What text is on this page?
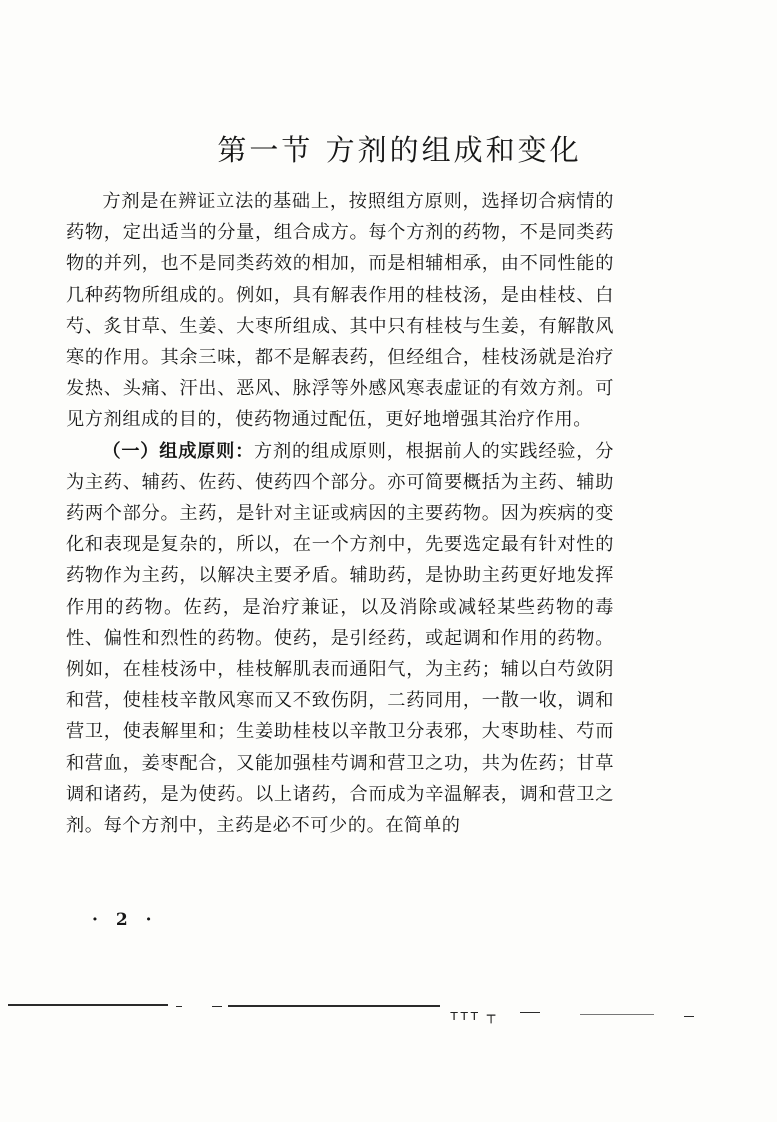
第一节 方剂的组成和变化

方剂是在辨证立法的基础上，按照组方原则，选择切合病情的药物，定出适当的分量，组合成方。每个方剂的药物，不是同类药物的并列，也不是同类药效的相加，而是相辅相承，由不同性能的几种药物所组成的。例如，具有解表作用的桂枝汤，是由桂枝、白芍、炙甘草、生姜、大枣所组成、其中只有桂枝与生姜，有解散风寒的作用。其余三味，都不是解表药，但经组合，桂枝汤就是治疗发热、头痛、汗出、恶风、脉浮等外感风寒表虚证的有效方剂。可见方剂组成的目的，使药物通过配伍，更好地增强其治疗作用。

（一）组成原则：方剂的组成原则，根据前人的实践经验，分为主药、辅药、佐药、使药四个部分。亦可简要概括为主药、辅助药两个部分。主药，是针对主证或病因的主要药物。因为疾病的变化和表现是复杂的，所以，在一个方剂中，先要选定最有针对性的药物作为主药，以解决主要矛盾。辅助药，是协助主药更好地发挥作用的药物。佐药，是治疗兼证，以及消除或减轻某些药物的毒性、偏性和烈性的药物。使药，是引经药，或起调和作用的药物。例如，在桂枝汤中，桂枝解肌表而通阳气，为主药；辅以白芍敛阴和营，使桂枝辛散风寒而又不致伤阴，二药同用，一散一收，调和营卫，使表解里和；生姜助桂枝以辛散卫分表邪，大枣助桂、芍而和营血，姜枣配合，又能加强桂芍调和营卫之功，共为佐药；甘草调和诸药，是为使药。以上诸药，合而成为辛温解表，调和营卫之剂。每个方剂中，主药是必不可少的。在简单的

· 2 ·
ттт ┬
